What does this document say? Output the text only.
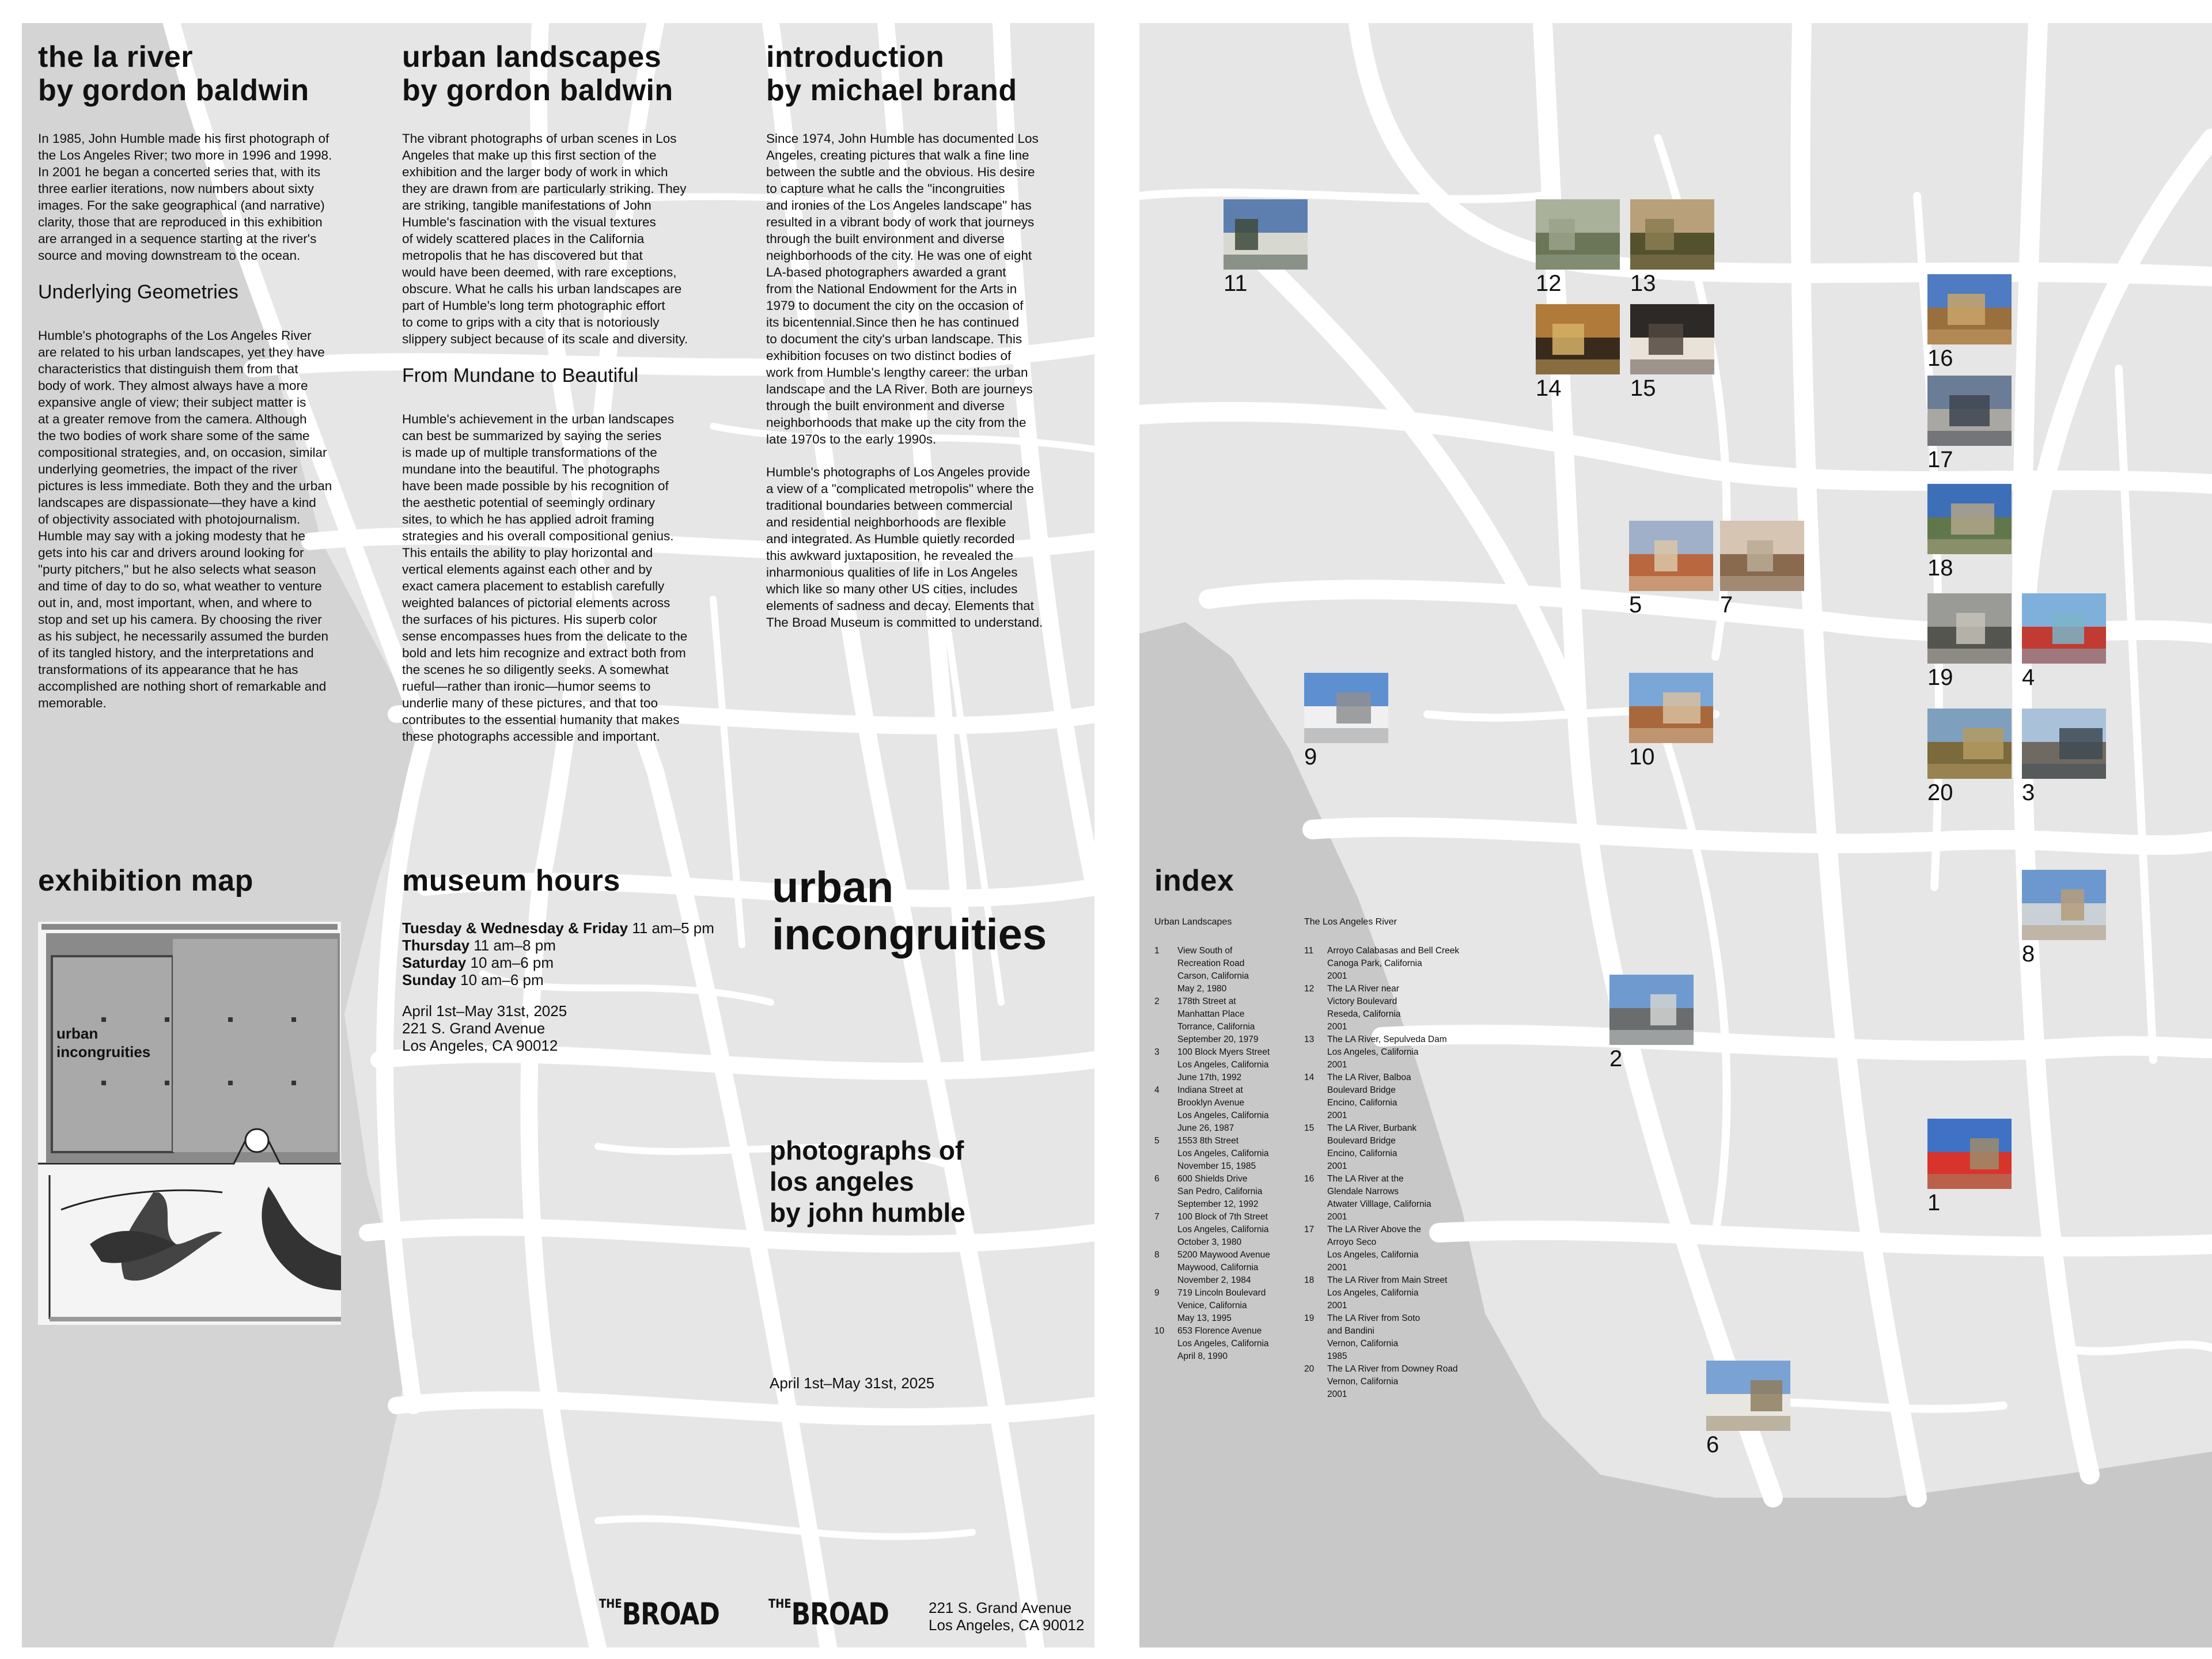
the la river
by gordon baldwin

In 1985, John Humble made his first photograph of
the Los Angeles River; two more in 1996 and 1998.
In 2001 he began a concerted series that, with its
three earlier iterations, now numbers about sixty
images. For the sake geographical (and narrative)
clarity, those that are reproduced in this exhibition
are arranged in a sequence starting at the river's
source and moving downstream to the ocean.

Underlying Geometries

Humble's photographs of the Los Angeles River
are related to his urban landscapes, yet they have
characteristics that distinguish them from that
body of work. They almost always have a more
expansive angle of view; their subject matter is
at a greater remove from the camera. Although
the two bodies of work share some of the same
compositional strategies, and, on occasion, similar
underlying geometries, the impact of the river
pictures is less immediate. Both they and the urban
landscapes are dispassionate—they have a kind
of objectivity associated with photojournalism.
Humble may say with a joking modesty that he
gets into his car and drivers around looking for
"purty pitchers," but he also selects what season
and time of day to do so, what weather to venture
out in, and, most important, when, and where to
stop and set up his camera. By choosing the river
as his subject, he necessarily assumed the burden
of its tangled history, and the interpretations and
transformations of its appearance that he has
accomplished are nothing short of remarkable and
memorable.

urban landscapes
by gordon baldwin

The vibrant photographs of urban scenes in Los
Angeles that make up this first section of the
exhibition and the larger body of work in which
they are drawn from are particularly striking. They
are striking, tangible manifestations of John
Humble's fascination with the visual textures
of widely scattered places in the California
metropolis that he has discovered but that
would have been deemed, with rare exceptions,
obscure. What he calls his urban landscapes are
part of Humble's long term photographic effort
to come to grips with a city that is notoriously
slippery subject because of its scale and diversity.

From Mundane to Beautiful

Humble's achievement in the urban landscapes
can best be summarized by saying the series
is made up of multiple transformations of the
mundane into the beautiful. The photographs
have been made possible by his recognition of
the aesthetic potential of seemingly ordinary
sites, to which he has applied adroit framing
strategies and his overall compositional genius.
This entails the ability to play horizontal and
vertical elements against each other and by
exact camera placement to establish carefully
weighted balances of pictorial elements across
the surfaces of his pictures. His superb color
sense encompasses hues from the delicate to the
bold and lets him recognize and extract both from
the scenes he so diligently seeks. A somewhat
rueful—rather than ironic—humor seems to
underlie many of these pictures, and that too
contributes to the essential humanity that makes
these photographs accessible and important.

introduction
by michael brand

Since 1974, John Humble has documented Los
Angeles, creating pictures that walk a fine line
between the subtle and the obvious. His desire
to capture what he calls the "incongruities
and ironies of the Los Angeles landscape" has
resulted in a vibrant body of work that journeys
through the built environment and diverse
neighborhoods of the city. He was one of eight
LA-based photographers awarded a grant
from the National Endowment for the Arts in
1979 to document the city on the occasion of
its bicentennial.Since then he has continued
to document the city's urban landscape. This
exhibition focuses on two distinct bodies of
work from Humble's lengthy career: the urban
landscape and the LA River. Both are journeys
through the built environment and diverse
neighborhoods that make up the city from the
late 1970s to the early 1990s.

Humble's photographs of Los Angeles provide
a view of a "complicated metropolis" where the
traditional boundaries between commercial
and residential neighborhoods are flexible
and integrated. As Humble quietly recorded
this awkward juxtaposition, he revealed the
inharmonious qualities of life in Los Angeles
which like so many other US cities, includes
elements of sadness and decay. Elements that
The Broad Museum is committed to understand.

exhibition map
urban
incongruities
museum hours
Tuesday & Wednesday & Friday 11 am–5 pm
Thursday 11 am–8 pm
Saturday 10 am–6 pm
Sunday 10 am–6 pm
April 1st–May 31st, 2025
221 S. Grand Avenue
Los Angeles, CA 90012
urban
incongruities
photographs of
los angeles
by john humble
April 1st–May 31st, 2025
$^{THE}$BROAD	$^{THE}$BROAD	221 S. Grand Avenue
Los Angeles, CA 90012
index
Urban Landscapes
1	View South of
Recreation Road
Carson, California
May 2, 1980
2	178th Street at
Manhattan Place
Torrance, California
September 20, 1979
3	100 Block Myers Street
Los Angeles, California
June 17th, 1992
4	Indiana Street at
Brooklyn Avenue
Los Angeles, California
June 26, 1987
5	1553 8th Street
Los Angeles, California
November 15, 1985
6	600 Shields Drive
San Pedro, California
September 12, 1992
7	100 Block of 7th Street
Los Angeles, California
October 3, 1980
8	5200 Maywood Avenue
Maywood, California
November 2, 1984
9	719 Lincoln Boulevard
Venice, California
May 13, 1995
10	653 Florence Avenue
Los Angeles, California
April 8, 1990
The Los Angeles River
11	Arroyo Calabasas and Bell Creek
Canoga Park, California
2001
12	The LA River near
Victory Boulevard
Reseda, California
2001
13	The LA River, Sepulveda Dam
Los Angeles, California
2001
14	The LA River, Balboa
Boulevard Bridge
Encino, California
2001
15	The LA River, Burbank
Boulevard Bridge
Encino, California
2001
16	The LA River at the
Glendale Narrows
Atwater Villlage, California
2001
17	The LA River Above the
Arroyo Seco
Los Angeles, California
2001
18	The LA River from Main Street
Los Angeles, California
2001
19	The LA River from Soto
and Bandini
Vernon, California
1985
20	The LA River from Downey Road
Vernon, California
2001
11	12	13
14	15
16
17
18
5	7
19	4
9	10
20	3
8
2
1
6
